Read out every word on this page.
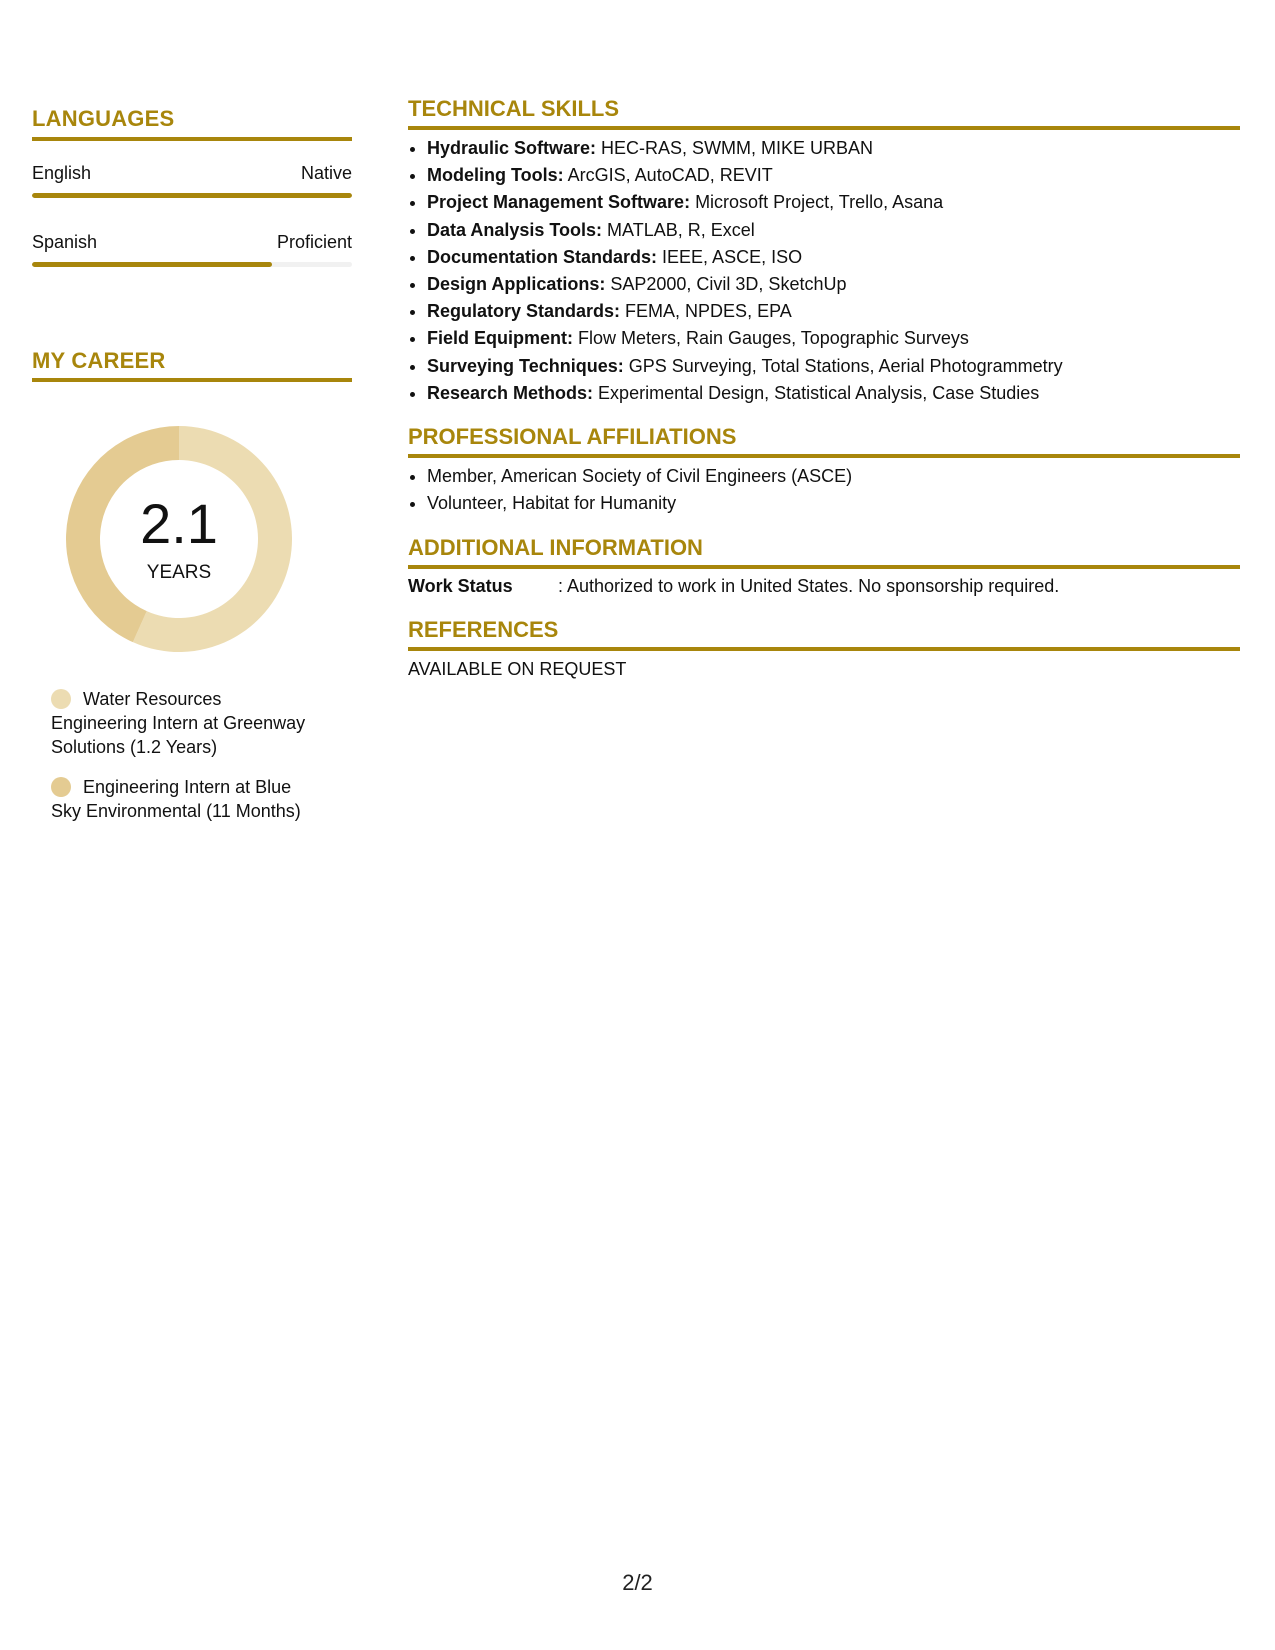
LANGUAGES
English	Native
Spanish	Proficient
MY CAREER
2.1
YEARS
Water Resources Engineering Intern at Greenway Solutions (1.2 Years)
Engineering Intern at Blue Sky Environmental (11 Months)
TECHNICAL SKILLS
• Hydraulic Software: HEC-RAS, SWMM, MIKE URBAN
• Modeling Tools: ArcGIS, AutoCAD, REVIT
• Project Management Software: Microsoft Project, Trello, Asana
• Data Analysis Tools: MATLAB, R, Excel
• Documentation Standards: IEEE, ASCE, ISO
• Design Applications: SAP2000, Civil 3D, SketchUp
• Regulatory Standards: FEMA, NPDES, EPA
• Field Equipment: Flow Meters, Rain Gauges, Topographic Surveys
• Surveying Techniques: GPS Surveying, Total Stations, Aerial Photogrammetry
• Research Methods: Experimental Design, Statistical Analysis, Case Studies
PROFESSIONAL AFFILIATIONS
• Member, American Society of Civil Engineers (ASCE)
• Volunteer, Habitat for Humanity
ADDITIONAL INFORMATION
Work Status	: Authorized to work in United States. No sponsorship required.
REFERENCES
AVAILABLE ON REQUEST
2/2
